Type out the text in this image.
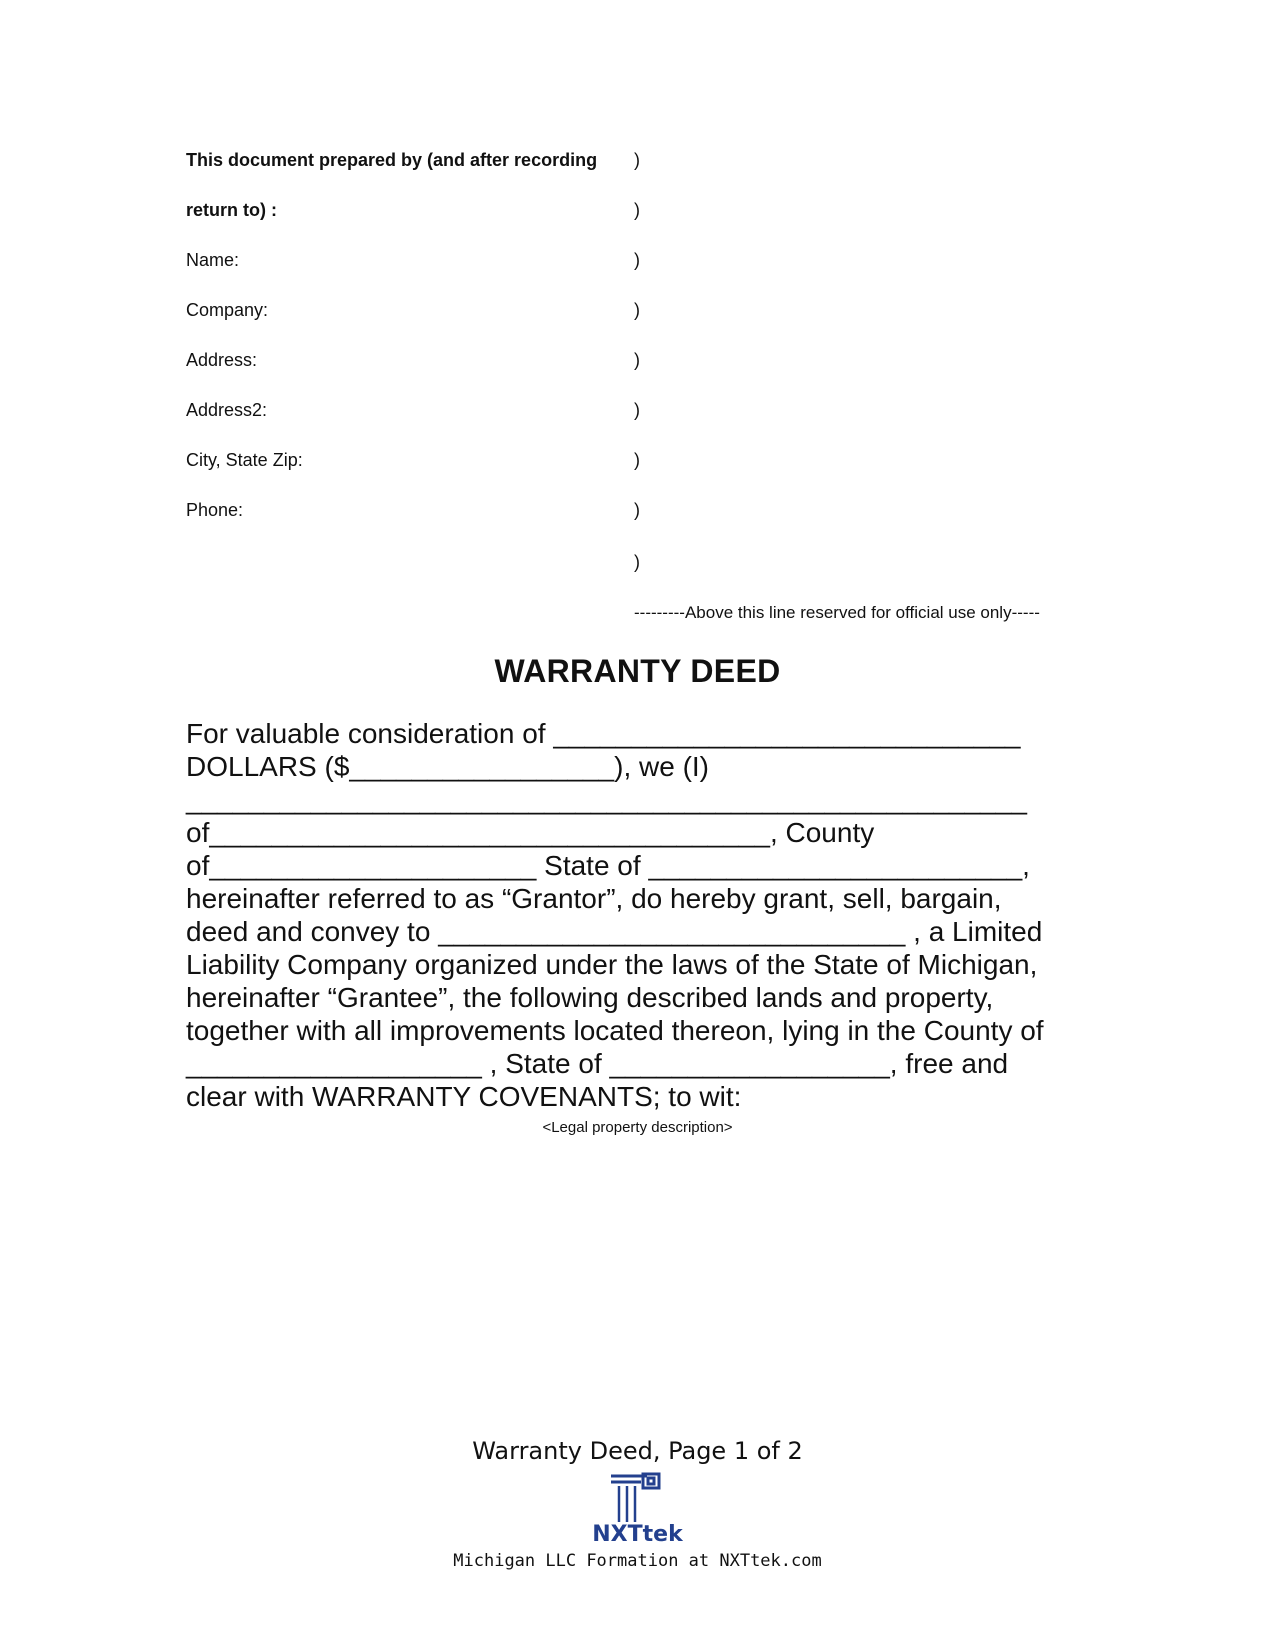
This document prepared by (and after recording
return to) :
Name:
Company:
Address:
Address2:
City, State Zip:
Phone:
)
)
)
)
)
)
)
)
)
---------Above this line reserved for official use only-----
WARRANTY DEED
For valuable consideration of ______________________________
DOLLARS ($_________________), we (I)
______________________________________________________
of____________________________________, County
of_____________________ State of ________________________,
hereinafter referred to as “Grantor”, do hereby grant, sell, bargain,
deed and convey to ______________________________ , a Limited
Liability Company organized under the laws of the State of Michigan,
hereinafter “Grantee”, the following described lands and property,
together with all improvements located thereon, lying in the County of
___________________ , State of __________________, free and
clear with WARRANTY COVENANTS; to wit:
<Legal property description>
Warranty Deed, Page 1 of 2
NXTtek
Michigan LLC Formation at NXTtek.com
